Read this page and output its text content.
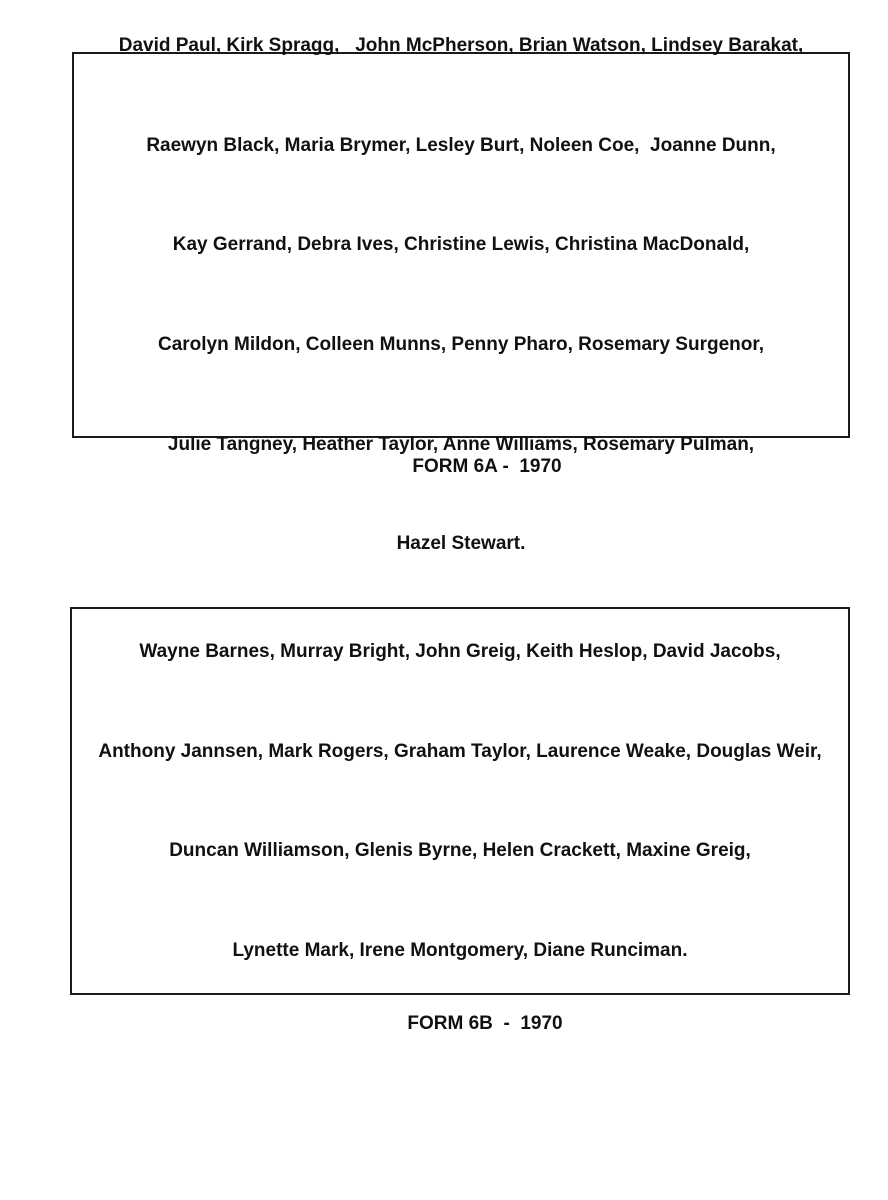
David Paul, Kirk Spragg,   John McPherson, Brian Watson, Lindsey Barakat,

Raewyn Black, Maria Brymer, Lesley Burt, Noleen Coe,  Joanne Dunn,

Kay Gerrand, Debra Ives, Christine Lewis, Christina MacDonald,

Carolyn Mildon, Colleen Munns, Penny Pharo, Rosemary Surgenor,

Julie Tangney, Heather Taylor, Anne Williams, Rosemary Pulman,

Hazel Stewart.

FORM 6A -  1970

Wayne Barnes, Murray Bright, John Greig, Keith Heslop, David Jacobs,

Anthony Jannsen, Mark Rogers, Graham Taylor, Laurence Weake, Douglas Weir,

Duncan Williamson, Glenis Byrne, Helen Crackett, Maxine Greig,

Lynette Mark, Irene Montgomery, Diane Runciman.

FORM 6B  -  1970
